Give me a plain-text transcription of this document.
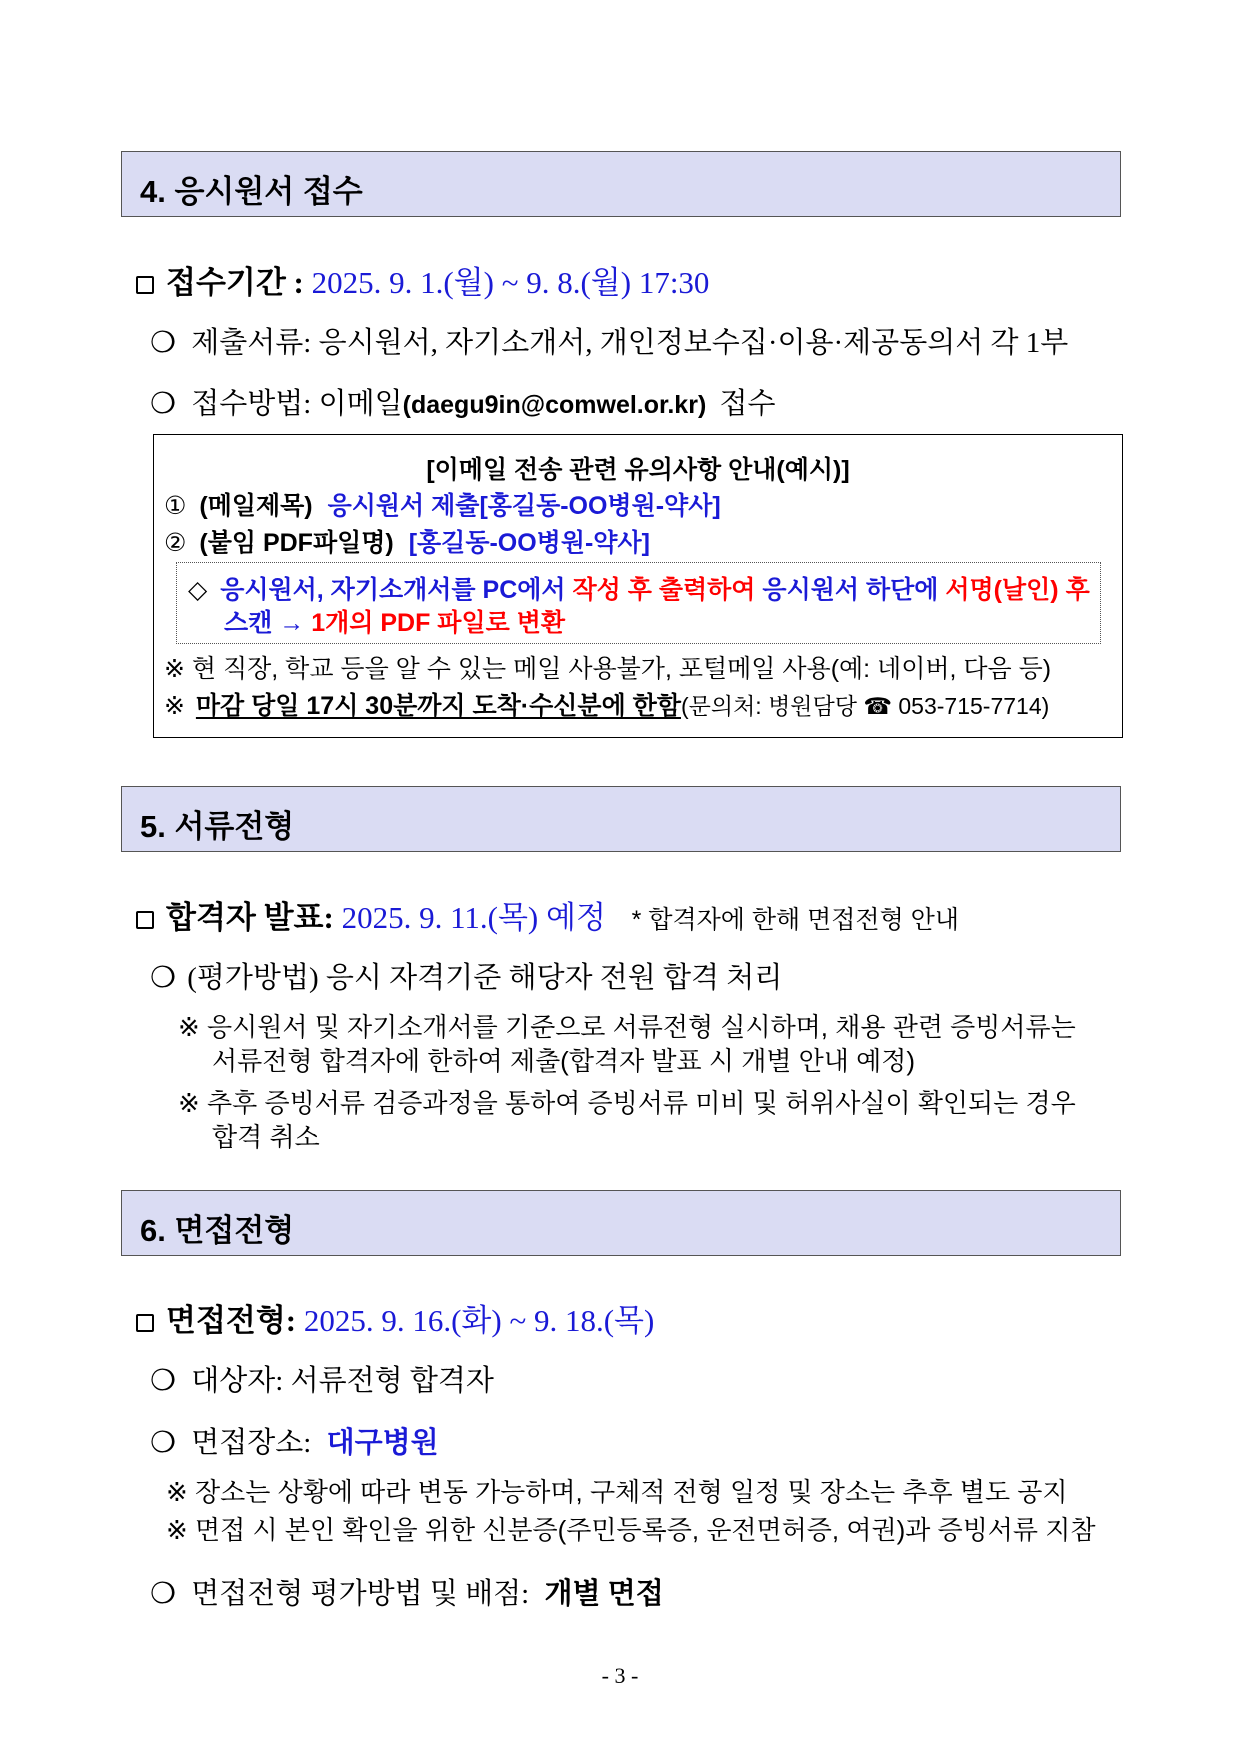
4. 응시원서 접수
접수기간 : 2025. 9. 1.(월) ~ 9. 8.(월) 17:30
❍ 제출서류: 응시원서, 자기소개서, 개인정보수집·이용·제공동의서 각 1부
❍ 접수방법: 이메일(daegu9in@comwel.or.kr) 접수
[이메일 전송 관련 유의사항 안내(예시)]
① (메일제목) 응시원서 제출[홍길동-OO병원-약사]
② (붙임 PDF파일명) [홍길동-OO병원-약사]
◇ 응시원서, 자기소개서를 PC에서 작성 후 출력하여 응시원서 하단에 서명(날인) 후
스캔 → 1개의 PDF 파일로 변환
※ 현 직장, 학교 등을 알 수 있는 메일 사용불가, 포털메일 사용(예: 네이버, 다음 등)
※ 마감 당일 17시 30분까지 도착·수신분에 한함(문의처: 병원담당 ☎ 053-715-7714)
5. 서류전형
합격자 발표: 2025. 9. 11.(목) 예정 * 합격자에 한해 면접전형 안내
❍ (평가방법) 응시 자격기준 해당자 전원 합격 처리
※ 응시원서 및 자기소개서를 기준으로 서류전형 실시하며, 채용 관련 증빙서류는
서류전형 합격자에 한하여 제출(합격자 발표 시 개별 안내 예정)
※ 추후 증빙서류 검증과정을 통하여 증빙서류 미비 및 허위사실이 확인되는 경우
합격 취소
6. 면접전형
면접전형: 2025. 9. 16.(화) ~ 9. 18.(목)
❍ 대상자: 서류전형 합격자
❍ 면접장소: 대구병원
※ 장소는 상황에 따라 변동 가능하며, 구체적 전형 일정 및 장소는 추후 별도 공지
※ 면접 시 본인 확인을 위한 신분증(주민등록증, 운전면허증, 여권)과 증빙서류 지참
❍ 면접전형 평가방법 및 배점: 개별 면접
- 3 -
